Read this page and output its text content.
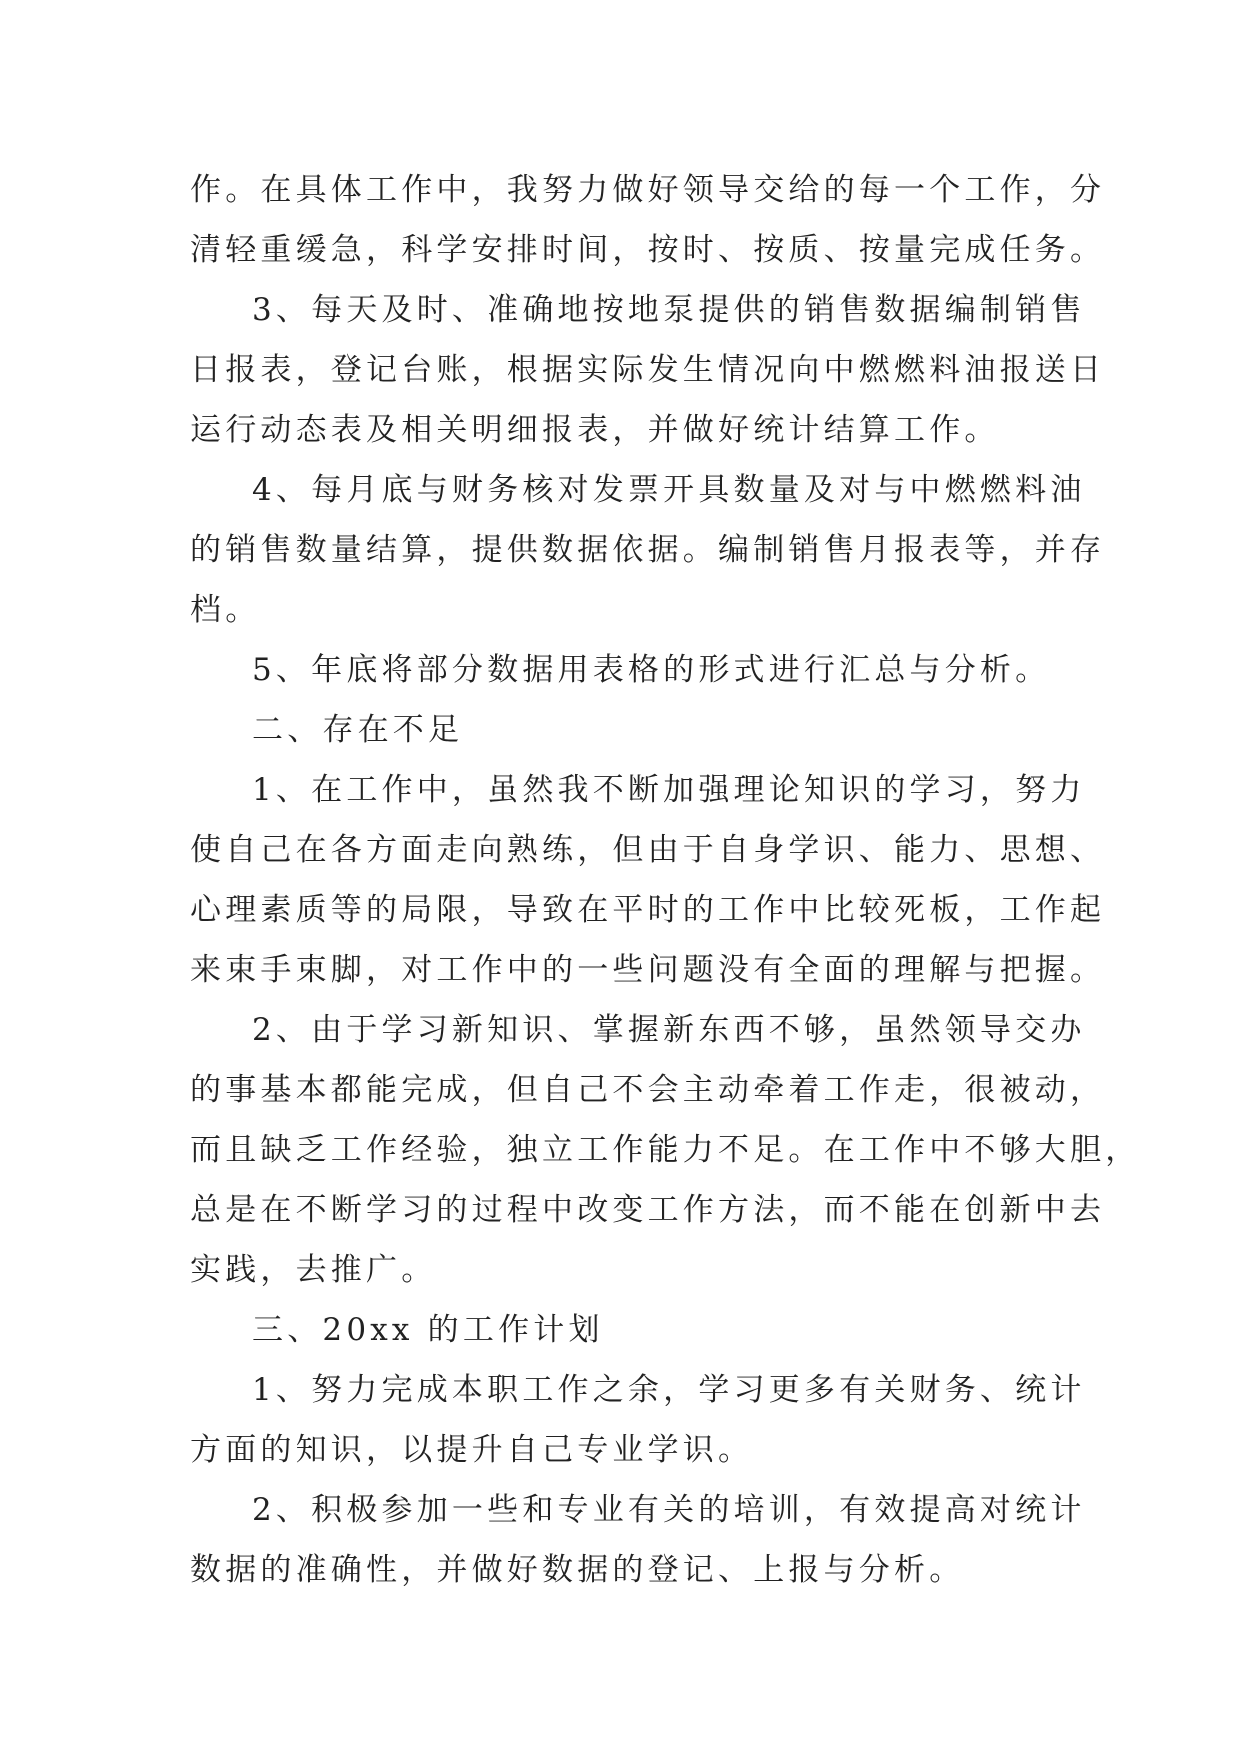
作。在具体工作中，我努力做好领导交给的每一个工作，分
清轻重缓急，科学安排时间，按时、按质、按量完成任务。
3、每天及时、准确地按地泵提供的销售数据编制销售
日报表，登记台账，根据实际发生情况向中燃燃料油报送日
运行动态表及相关明细报表，并做好统计结算工作。
4、每月底与财务核对发票开具数量及对与中燃燃料油
的销售数量结算，提供数据依据。编制销售月报表等，并存
档。
5、年底将部分数据用表格的形式进行汇总与分析。
二、存在不足
1、在工作中，虽然我不断加强理论知识的学习，努力
使自己在各方面走向熟练，但由于自身学识、能力、思想、
心理素质等的局限，导致在平时的工作中比较死板，工作起
来束手束脚，对工作中的一些问题没有全面的理解与把握。
2、由于学习新知识、掌握新东西不够，虽然领导交办
的事基本都能完成，但自己不会主动牵着工作走，很被动，
而且缺乏工作经验，独立工作能力不足。在工作中不够大胆，
总是在不断学习的过程中改变工作方法，而不能在创新中去
实践，去推广。
三、20xx 的工作计划
1、努力完成本职工作之余，学习更多有关财务、统计
方面的知识，以提升自己专业学识。
2、积极参加一些和专业有关的培训，有效提高对统计
数据的准确性，并做好数据的登记、上报与分析。
